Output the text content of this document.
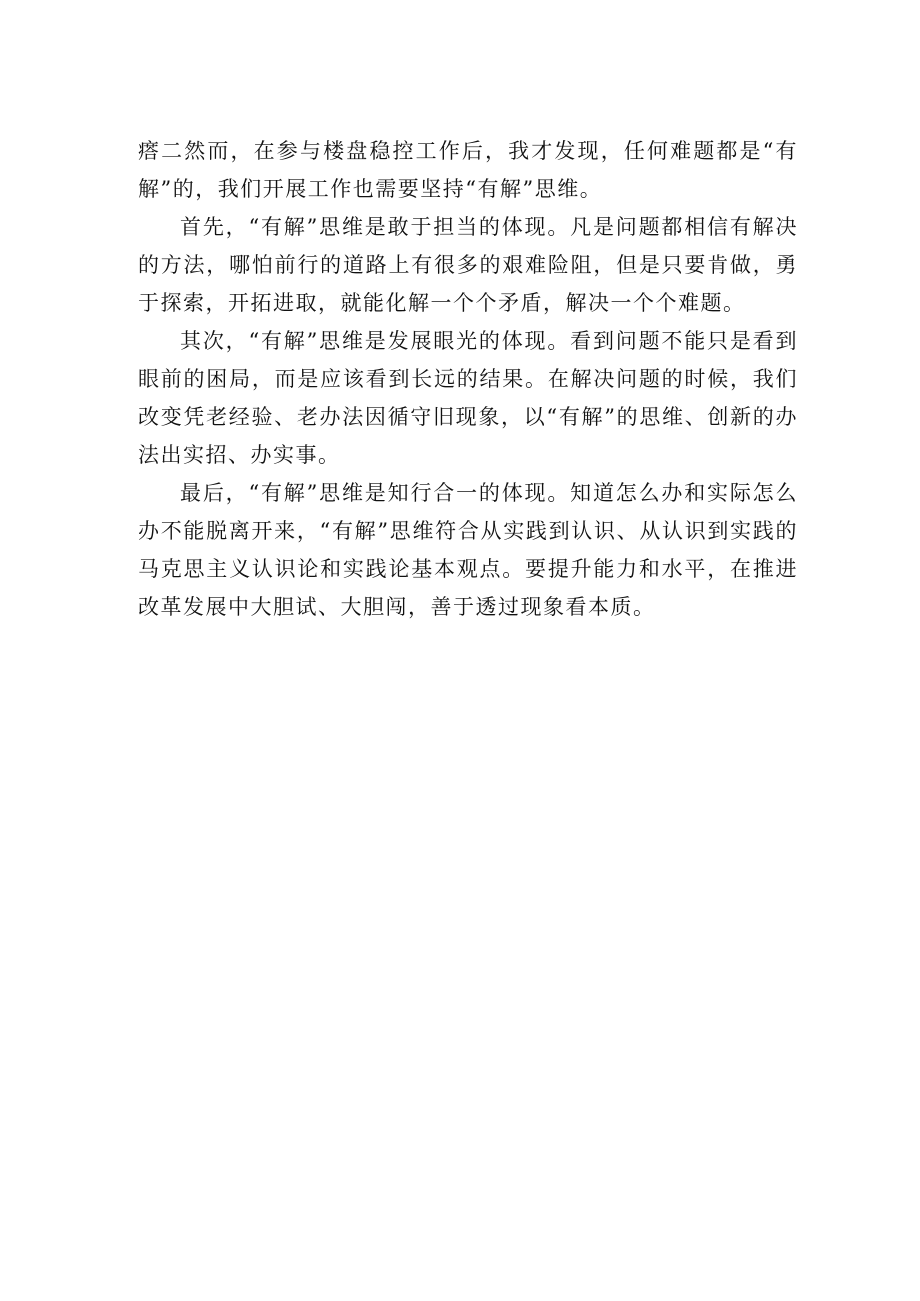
瘩二然而，在参与楼盘稳控工作后，我才发现，任何难题都是“有解”的，我们开展工作也需要坚持“有解”思维。

首先，“有解”思维是敢于担当的体现。凡是问题都相信有解决的方法，哪怕前行的道路上有很多的艰难险阻，但是只要肯做，勇于探索，开拓进取，就能化解一个个矛盾，解决一个个难题。

其次，“有解”思维是发展眼光的体现。看到问题不能只是看到眼前的困局，而是应该看到长远的结果。在解决问题的时候，我们改变凭老经验、老办法因循守旧现象，以“有解”的思维、创新的办法出实招、办实事。

最后，“有解”思维是知行合一的体现。知道怎么办和实际怎么办不能脱离开来，“有解”思维符合从实践到认识、从认识到实践的马克思主义认识论和实践论基本观点。要提升能力和水平，在推进改革发展中大胆试、大胆闯，善于透过现象看本质。
